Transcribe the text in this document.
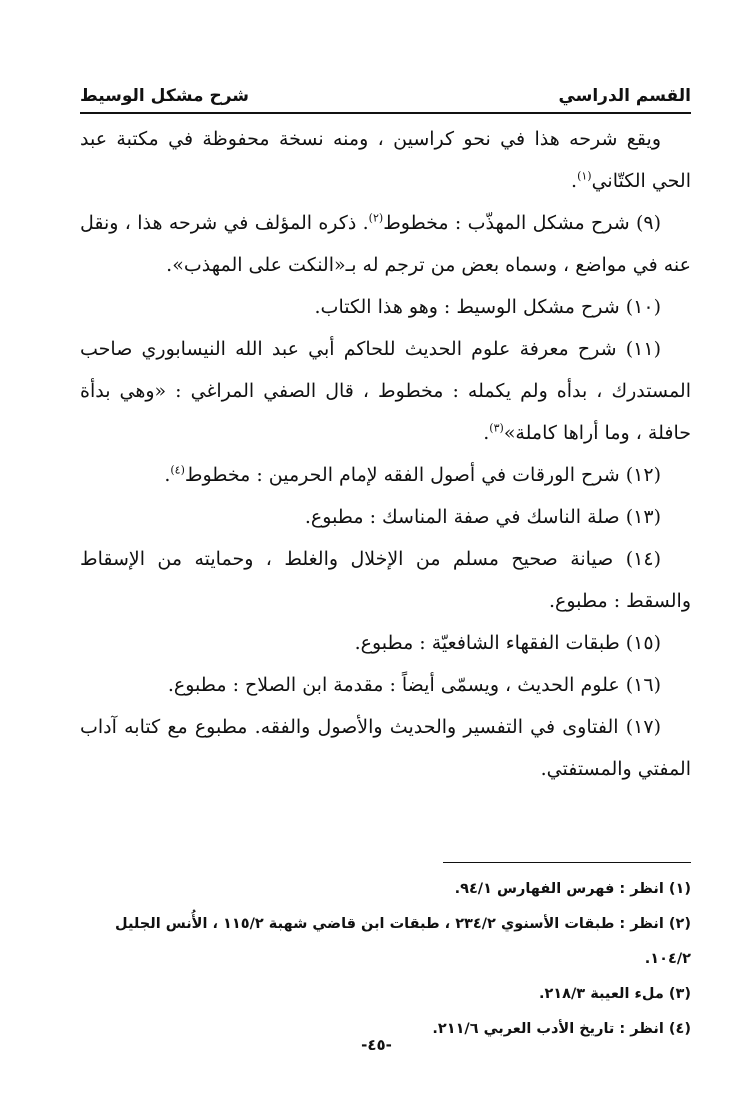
القسم الدراسي
شرح مشكل الوسيط

ويقع شرحه هذا في نحو كراسين ، ومنه نسخة محفوظة في مكتبة عبد الحي الكتّاني$^{(١)}$.

(٩) شرح مشكل المهذّب : مخطوط$^{(٢)}$. ذكره المؤلف في شرحه هذا ، ونقل عنه في مواضع ، وسماه بعض من ترجم له بـ«النكت على المهذب».

(١٠) شرح مشكل الوسيط : وهو هذا الكتاب.

(١١) شرح معرفة علوم الحديث للحاكم أبي عبد الله النيسابوري صاحب المستدرك ، بدأه ولم يكمله : مخطوط ، قال الصفي المراغي : «وهي بدأة حافلة ، وما أراها كاملة»$^{(٣)}$.

(١٢) شرح الورقات في أصول الفقه لإمام الحرمين : مخطوط$^{(٤)}$.

(١٣) صلة الناسك في صفة المناسك : مطبوع.

(١٤) صيانة صحيح مسلم من الإخلال والغلط ، وحمايته من الإسقاط والسقط : مطبوع.

(١٥) طبقات الفقهاء الشافعيّة : مطبوع.

(١٦) علوم الحديث ، ويسمّى أيضاً : مقدمة ابن الصلاح : مطبوع.

(١٧) الفتاوى في التفسير والحديث والأصول والفقه. مطبوع مع كتابه آداب المفتي والمستفتي.

(١) انظر : فهرس الفهارس ٩٤/١.

(٢) انظر : طبقات الأسنوي ٢٣٤/٢ ، طبقات ابن قاضي شهبة ١١٥/٢ ، الأُنس الجليل ١٠٤/٢.

(٣) ملء العيبة ٢١٨/٣.

(٤) انظر : تاريخ الأدب العربي ٢١١/٦.

-٤٥-
